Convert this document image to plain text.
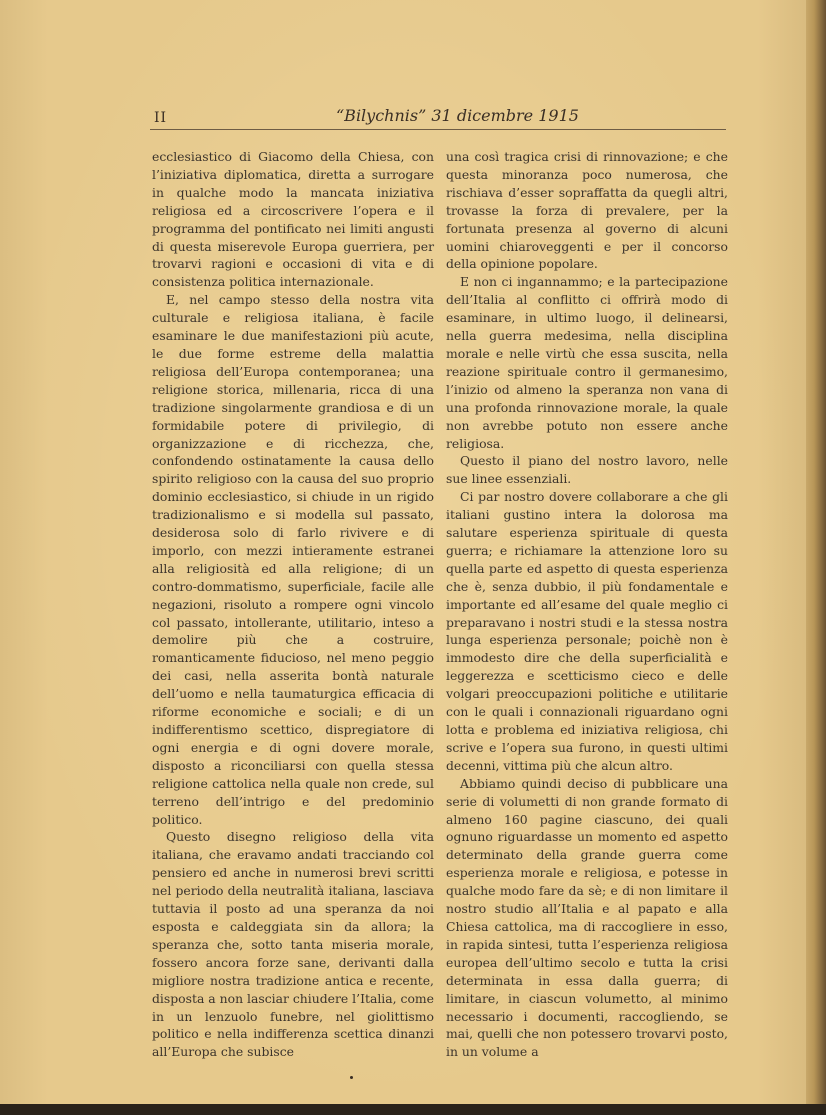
II	“Bilychnis” 31 dicembre 1915

ecclesiastico di Giacomo della Chiesa, con l’iniziativa diplomatica, diretta a surrogare in qualche modo la mancata iniziativa religiosa ed a circoscrivere l’opera e il programma del pontificato nei limiti angusti di questa miserevole Europa guerriera, per trovarvi ragioni e occasioni di vita e di consistenza politica internazionale.

E, nel campo stesso della nostra vita culturale e religiosa italiana, è facile esaminare le due manifestazioni più acute, le due forme estreme della malattia religiosa dell’Europa contemporanea; una religione storica, millenaria, ricca di una tradizione singolarmente grandiosa e di un formidabile potere di privilegio, di organizzazione e di ricchezza, che, confondendo ostinatamente la causa dello spirito religioso con la causa del suo proprio dominio ecclesiastico, si chiude in un rigido tradizionalismo e si modella sul passato, desiderosa solo di farlo rivivere e di imporlo, con mezzi intieramente estranei alla religiosità ed alla religione; di un contro-dommatismo, superficiale, facile alle negazioni, risoluto a rompere ogni vincolo col passato, intollerante, utilitario, inteso a demolire più che a costruire, romanticamente fiducioso, nel meno peggio dei casi, nella asserita bontà naturale dell’uomo e nella taumaturgica efficacia di riforme economiche e sociali; e di un indifferentismo scettico, dispregiatore di ogni energia e di ogni dovere morale, disposto a riconciliarsi con quella stessa religione cattolica nella quale non crede, sul terreno dell’intrigo e del predominio politico.

Questo disegno religioso della vita italiana, che eravamo andati tracciando col pensiero ed anche in numerosi brevi scritti nel periodo della neutralità italiana, lasciava tuttavia il posto ad una speranza da noi esposta e caldeggiata sin da allora; la speranza che, sotto tanta miseria morale, fossero ancora forze sane, derivanti dalla migliore nostra tradizione antica e recente, disposta a non lasciar chiudere l’Italia, come in un lenzuolo funebre, nel giolittismo politico e nella indifferenza scettica dinanzi all’Europa che subisce

una così tragica crisi di rinnovazione; e che questa minoranza poco numerosa, che rischiava d’esser sopraffatta da quegli altri, trovasse la forza di prevalere, per la fortunata presenza al governo di alcuni uomini chiaroveggenti e per il concorso della opinione popolare.

E non ci ingannammo; e la partecipazione dell’Italia al conflitto ci offrirà modo di esaminare, in ultimo luogo, il delinearsi, nella guerra medesima, nella disciplina morale e nelle virtù che essa suscita, nella reazione spirituale contro il germanesimo, l’inizio od almeno la speranza non vana di una profonda rinnovazione morale, la quale non avrebbe potuto non essere anche religiosa.

Questo il piano del nostro lavoro, nelle sue linee essenziali.

Ci par nostro dovere collaborare a che gli italiani gustino intera la dolorosa ma salutare esperienza spirituale di questa guerra; e richiamare la attenzione loro su quella parte ed aspetto di questa esperienza che è, senza dubbio, il più fondamentale e importante ed all’esame del quale meglio ci preparavano i nostri studi e la stessa nostra lunga esperienza personale; poichè non è immodesto dire che della superficialità e leggerezza e scetticismo cieco e delle volgari preoccupazioni politiche e utilitarie con le quali i connazionali riguardano ogni lotta e problema ed iniziativa religiosa, chi scrive e l’opera sua furono, in questi ultimi decenni, vittima più che alcun altro.

Abbiamo quindi deciso di pubblicare una serie di volumetti di non grande formato di almeno 160 pagine ciascuno, dei quali ognuno riguardasse un momento ed aspetto determinato della grande guerra come esperienza morale e religiosa, e potesse in qualche modo fare da sè; e di non limitare il nostro studio all’Italia e al papato e alla Chiesa cattolica, ma di raccogliere in esso, in rapida sintesi, tutta l’esperienza religiosa europea dell’ultimo secolo e tutta la crisi determinata in essa dalla guerra; di limitare, in ciascun volumetto, al minimo necessario i documenti, raccogliendo, se mai, quelli che non potessero trovarvi posto, in un volume a
